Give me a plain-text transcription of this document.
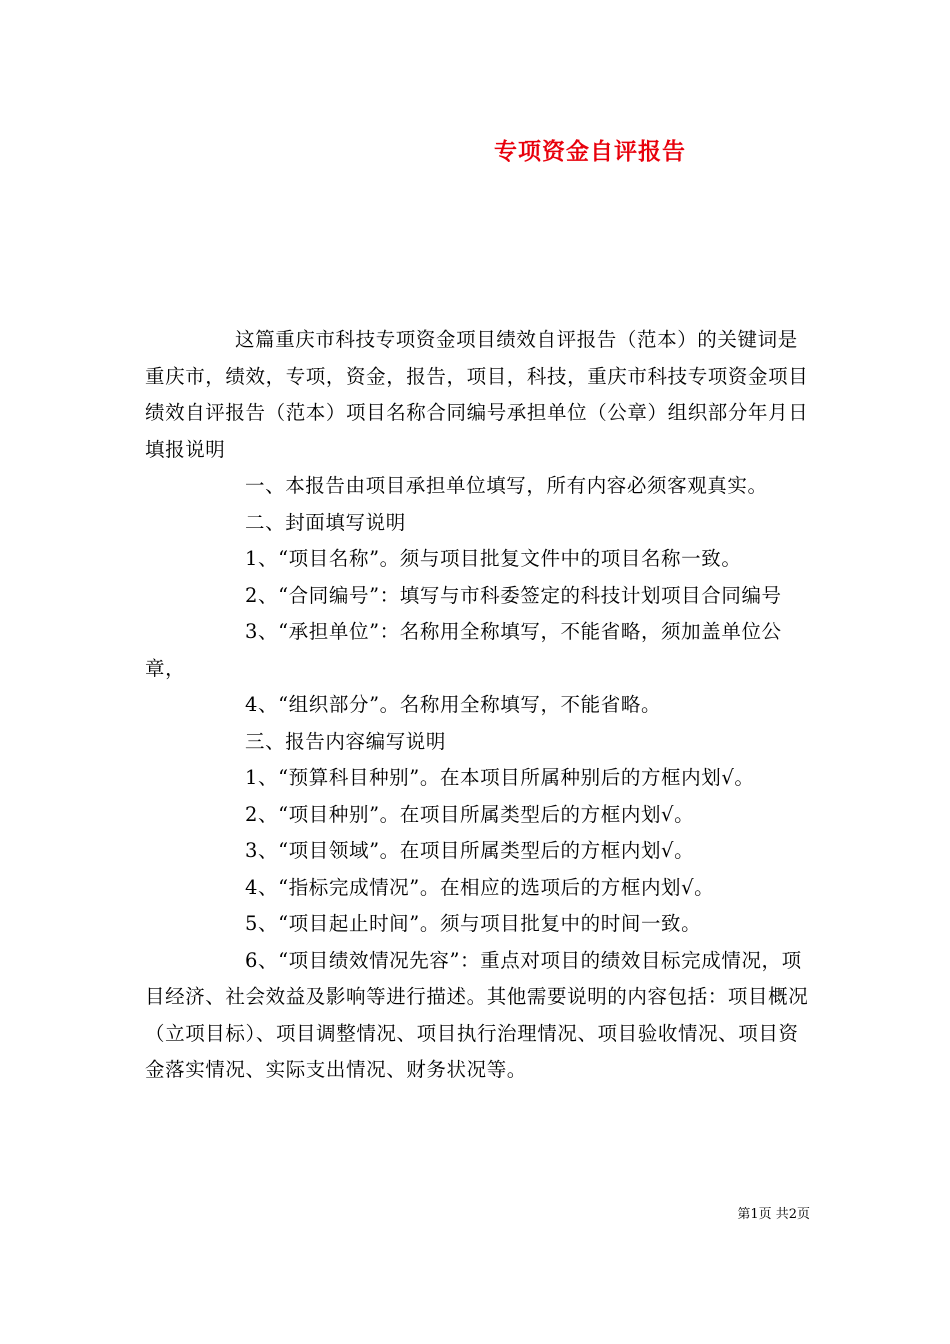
专项资金自评报告

这篇重庆市科技专项资金项目绩效自评报告（范本）的关键词是重庆市，绩效，专项，资金，报告，项目，科技，重庆市科技专项资金项目绩效自评报告（范本）项目名称合同编号承担单位（公章）组织部分年月日填报说明

一、本报告由项目承担单位填写，所有内容必须客观真实。

二、封面填写说明

1、“项目名称”。须与项目批复文件中的项目名称一致。

2、“合同编号”：填写与市科委签定的科技计划项目合同编号

3、“承担单位”：名称用全称填写，不能省略，须加盖单位公章，

4、“组织部分”。名称用全称填写，不能省略。

三、报告内容编写说明

1、“预算科目种别”。在本项目所属种别后的方框内划√。

2、“项目种别”。在项目所属类型后的方框内划√。

3、“项目领域”。在项目所属类型后的方框内划√。

4、“指标完成情况”。在相应的选项后的方框内划√。

5、“项目起止时间”。须与项目批复中的时间一致。

6、“项目绩效情况先容”：重点对项目的绩效目标完成情况，项目经济、社会效益及影响等进行描述。其他需要说明的内容包括：项目概况（立项目标）、项目调整情况、项目执行治理情况、项目验收情况、项目资金落实情况、实际支出情况、财务状况等。

第1页 共2页
